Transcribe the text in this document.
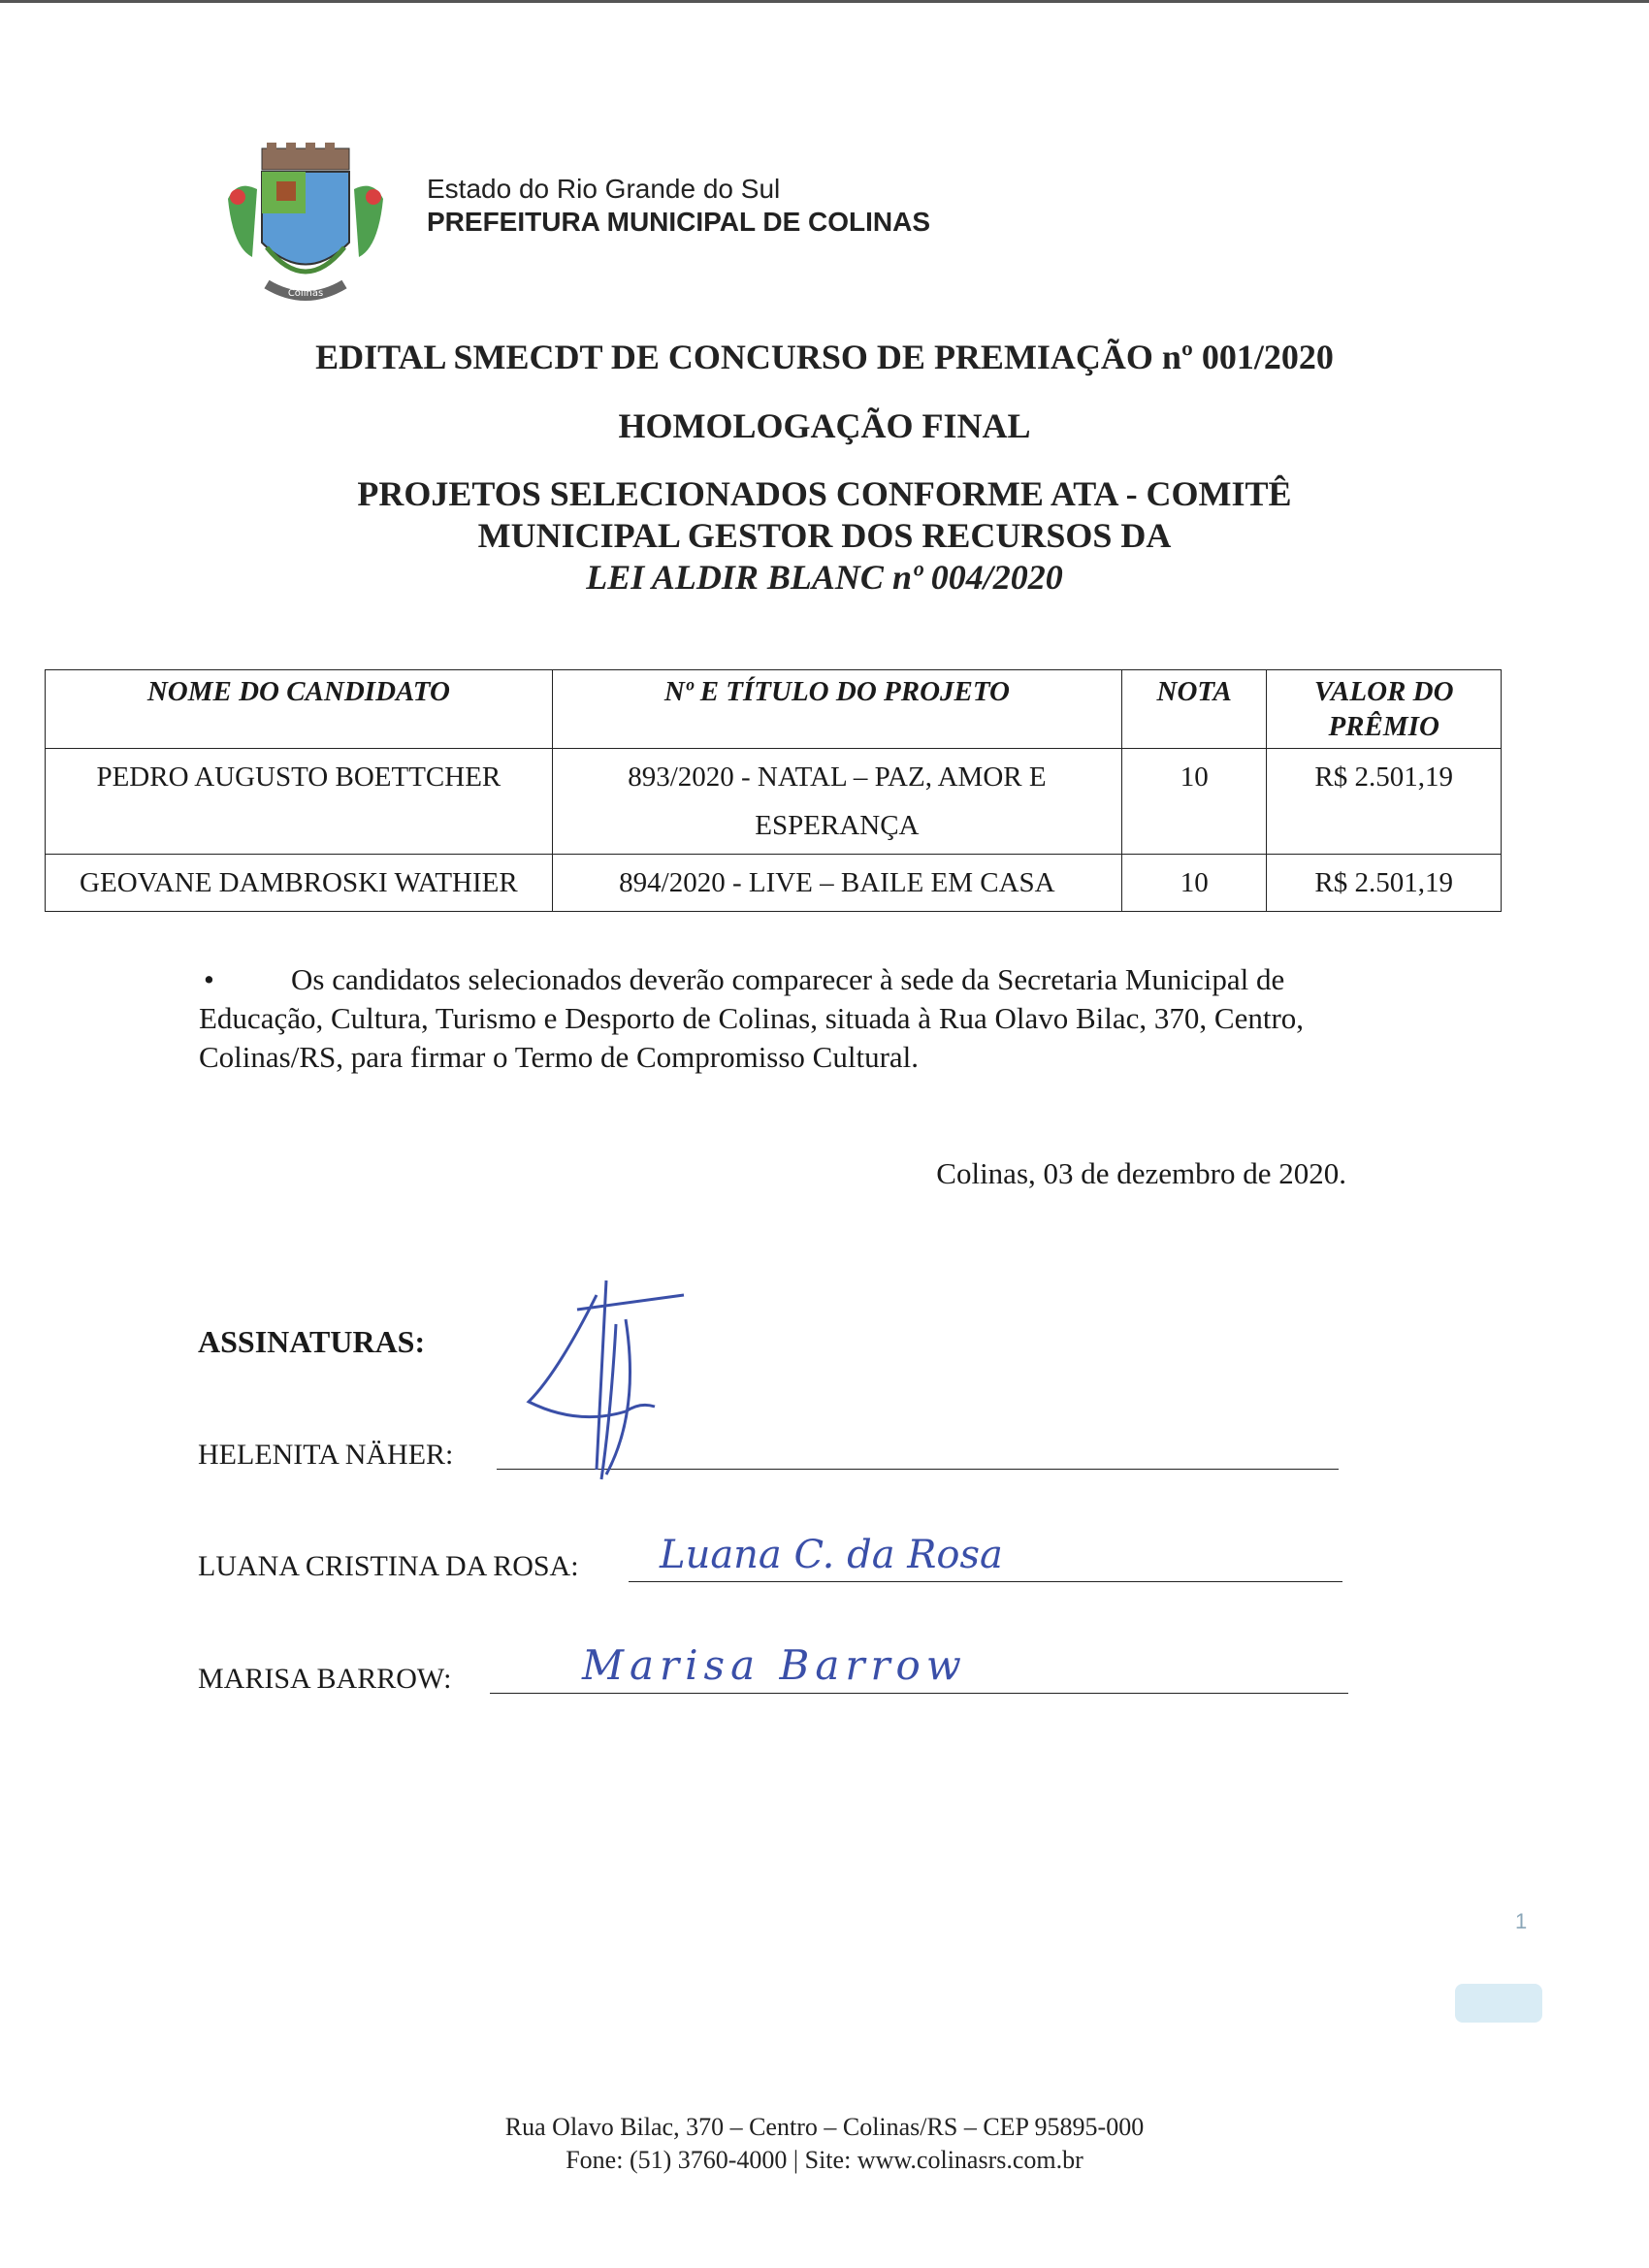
Colinas
Estado do Rio Grande do Sul
PREFEITURA MUNICIPAL DE COLINAS
EDITAL SMECDT DE CONCURSO DE PREMIAÇÃO nº 001/2020
HOMOLOGAÇÃO FINAL
PROJETOS SELECIONADOS CONFORME ATA - COMITÊ
MUNICIPAL GESTOR DOS RECURSOS DA
LEI ALDIR BLANC nº 004/2020
NOME DO CANDIDATO	Nº E TÍTULO DO PROJETO	NOTA	VALOR DO PRÊMIO
PEDRO AUGUSTO BOETTCHER	893/2020 - NATAL – PAZ, AMOR E ESPERANÇA	10	R$ 2.501,19
GEOVANE DAMBROSKI WATHIER	894/2020 - LIVE – BAILE EM CASA	10	R$ 2.501,19
•	Os candidatos selecionados deverão comparecer à sede da Secretaria Municipal de Educação, Cultura, Turismo e Desporto de Colinas, situada à Rua Olavo Bilac, 370, Centro, Colinas/RS, para firmar o Termo de Compromisso Cultural.
Colinas, 03 de dezembro de 2020.
ASSINATURAS:
HELENITA NÄHER:
LUANA CRISTINA DA ROSA: Luana C. da Rosa
MARISA BARROW:	Marisa Barrow
1
Rua Olavo Bilac, 370 – Centro – Colinas/RS – CEP 95895-000
Fone: (51) 3760-4000 | Site: www.colinasrs.com.br
